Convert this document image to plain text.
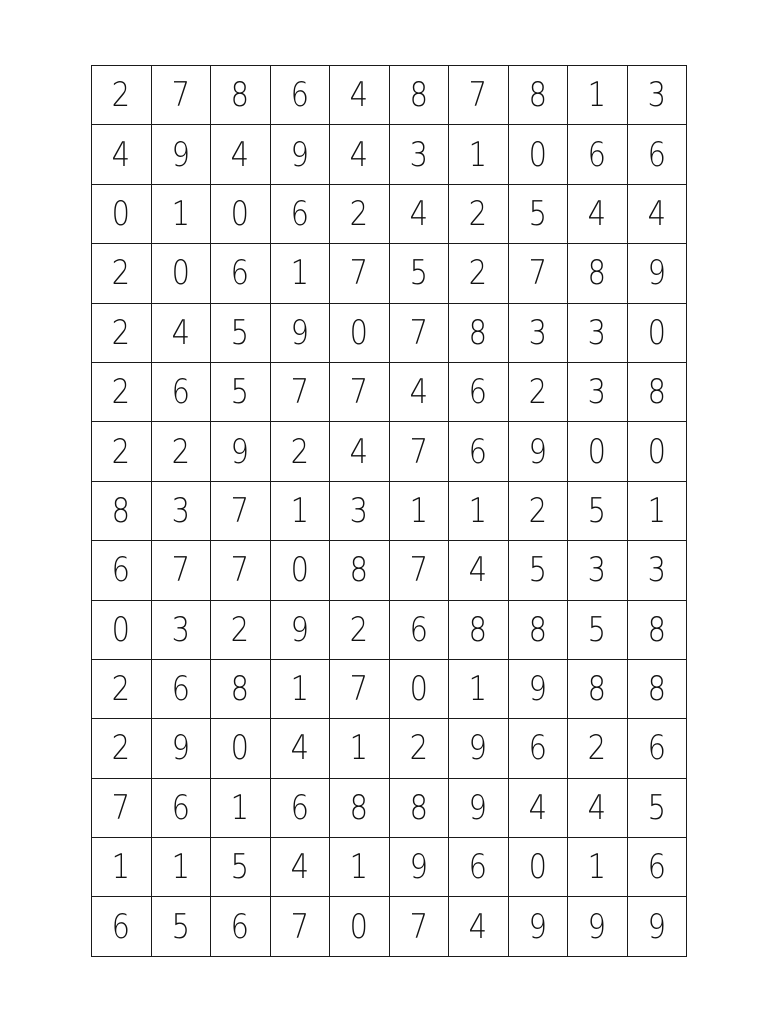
2	7	8	6	4	8	7	8	1	3
4	9	4	9	4	3	1	0	6	6
0	1	0	6	2	4	2	5	4	4
2	0	6	1	7	5	2	7	8	9
2	4	5	9	0	7	8	3	3	0
2	6	5	7	7	4	6	2	3	8
2	2	9	2	4	7	6	9	0	0
8	3	7	1	3	1	1	2	5	1
6	7	7	0	8	7	4	5	3	3
0	3	2	9	2	6	8	8	5	8
2	6	8	1	7	0	1	9	8	8
2	9	0	4	1	2	9	6	2	6
7	6	1	6	8	8	9	4	4	5
1	1	5	4	1	9	6	0	1	6
6	5	6	7	0	7	4	9	9	9
